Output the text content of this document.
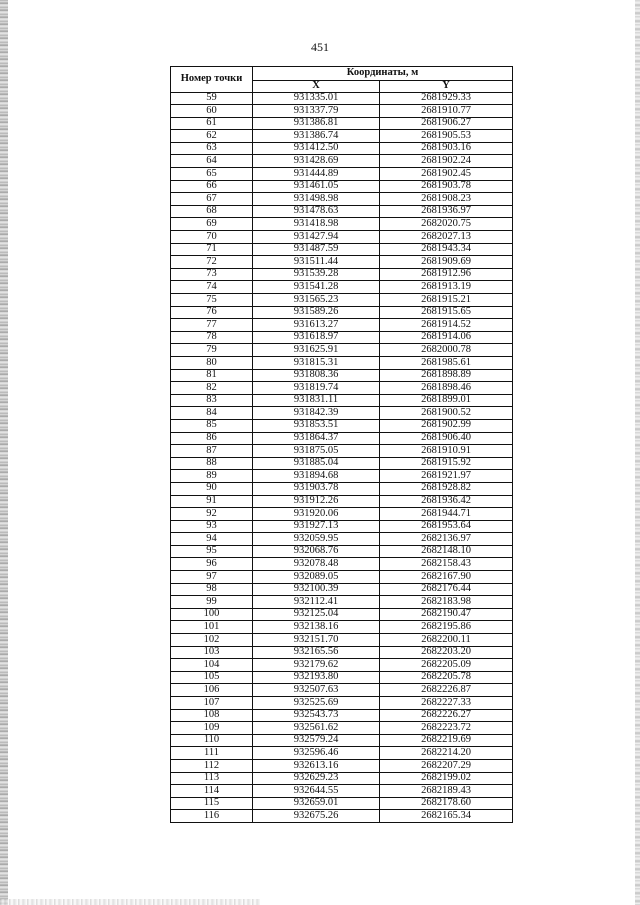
451
Номер точки	Координаты, м	
	X	Y
59	931335.01	2681929.33
60	931337.79	2681910.77
61	931386.81	2681906.27
62	931386.74	2681905.53
63	931412.50	2681903.16
64	931428.69	2681902.24
65	931444.89	2681902.45
66	931461.05	2681903.78
67	931498.98	2681908.23
68	931478.63	2681936.97
69	931418.98	2682020.75
70	931427.94	2682027.13
71	931487.59	2681943.34
72	931511.44	2681909.69
73	931539.28	2681912.96
74	931541.28	2681913.19
75	931565.23	2681915.21
76	931589.26	2681915.65
77	931613.27	2681914.52
78	931618.97	2681914.06
79	931625.91	2682000.78
80	931815.31	2681985.61
81	931808.36	2681898.89
82	931819.74	2681898.46
83	931831.11	2681899.01
84	931842.39	2681900.52
85	931853.51	2681902.99
86	931864.37	2681906.40
87	931875.05	2681910.91
88	931885.04	2681915.92
89	931894.68	2681921.97
90	931903.78	2681928.82
91	931912.26	2681936.42
92	931920.06	2681944.71
93	931927.13	2681953.64
94	932059.95	2682136.97
95	932068.76	2682148.10
96	932078.48	2682158.43
97	932089.05	2682167.90
98	932100.39	2682176.44
99	932112.41	2682183.98
100	932125.04	2682190.47
101	932138.16	2682195.86
102	932151.70	2682200.11
103	932165.56	2682203.20
104	932179.62	2682205.09
105	932193.80	2682205.78
106	932507.63	2682226.87
107	932525.69	2682227.33
108	932543.73	2682226.27
109	932561.62	2682223.72
110	932579.24	2682219.69
111	932596.46	2682214.20
112	932613.16	2682207.29
113	932629.23	2682199.02
114	932644.55	2682189.43
115	932659.01	2682178.60
116	932675.26	2682165.34
